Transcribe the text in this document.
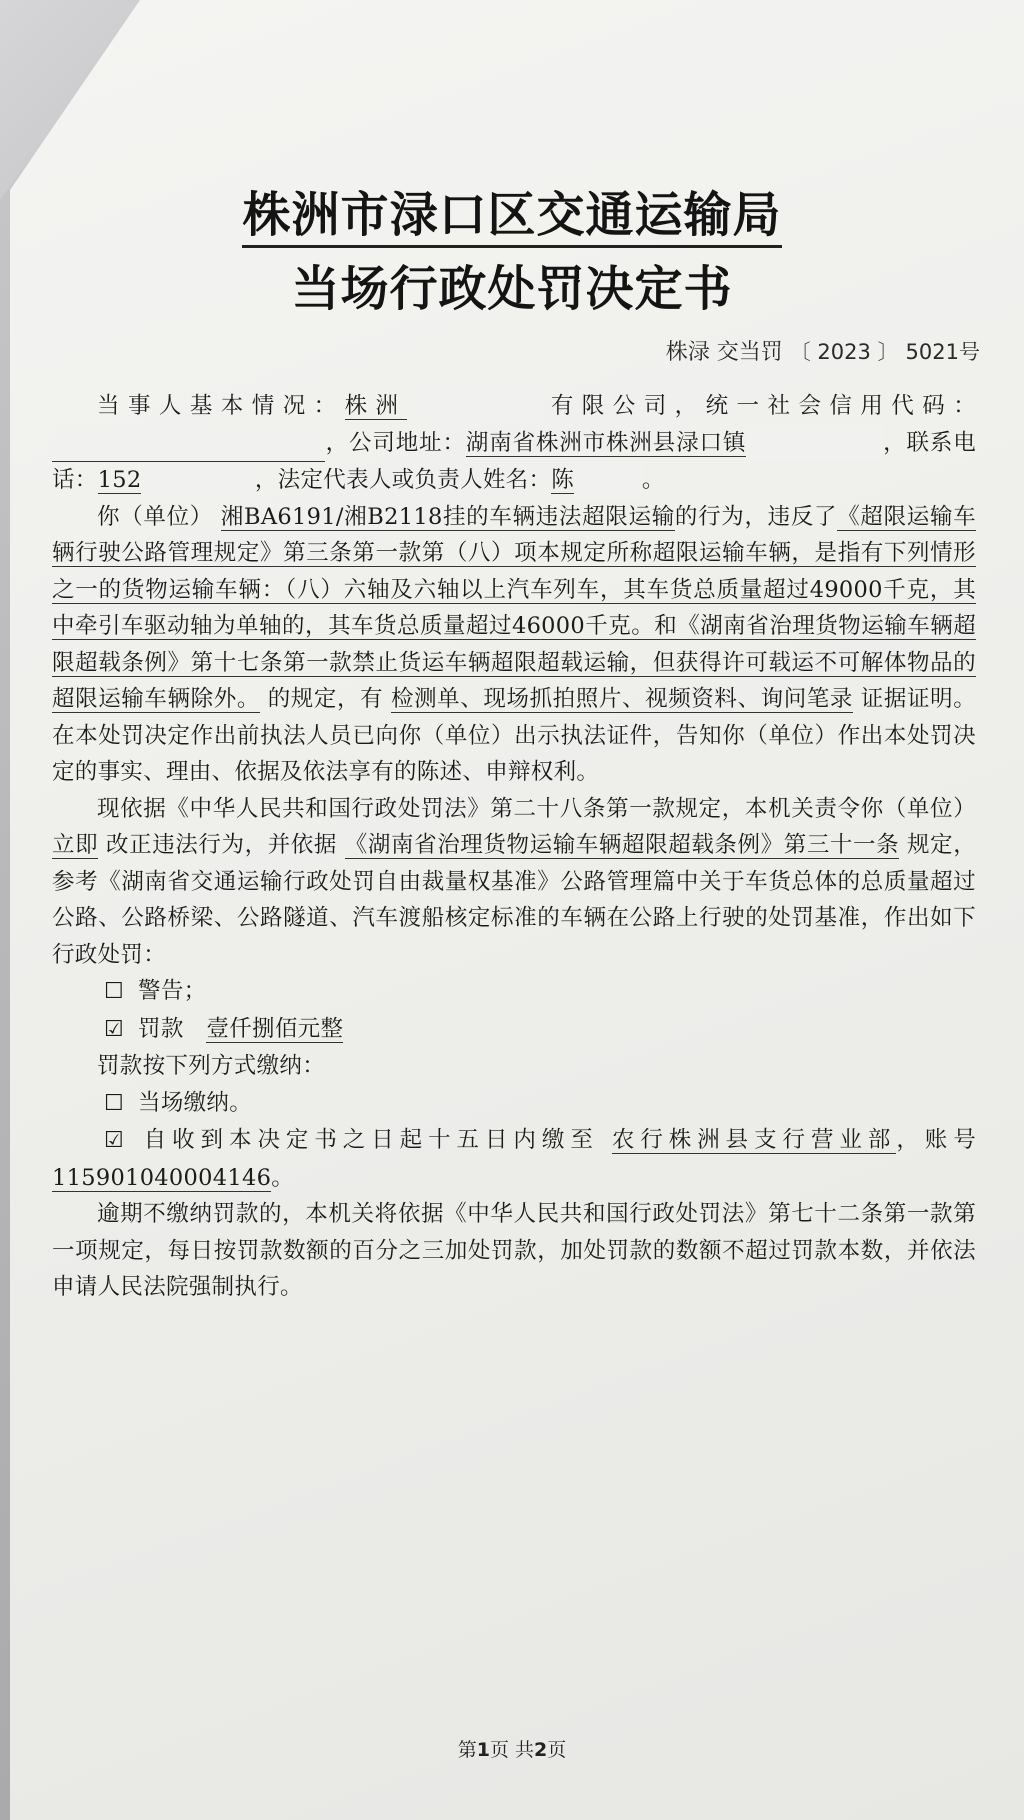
株洲市渌口区交通运输局
当场行政处罚决定书
株渌 交当罚 〔 2023 〕 5021号

当事人基本情况：株洲　　　　	有限公司，统一社会信用代码：　　　　　　　　　　，公司地址：湖南省株洲市株洲县渌口镇　　　　	，联系电话：152　　　	，法定代表人或负责人姓名：陈　	。

你（单位） 湘BA6191/湘B2118挂的车辆违法超限运输的行为，违反了《超限运输车辆行驶公路管理规定》第三条第一款第（八）项本规定所称超限运输车辆，是指有下列情形之一的货物运输车辆：（八）六轴及六轴以上汽车列车，其车货总质量超过49000千克，其中牵引车驱动轴为单轴的，其车货总质量超过46000千克。和《湖南省治理货物运输车辆超限超载条例》第十七条第一款禁止货运车辆超限超载运输，但获得许可载运不可解体物品的超限运输车辆除外。 的规定，有 检测单、现场抓拍照片、视频资料、询问笔录 证据证明。在本处罚决定作出前执法人员已向你（单位）出示执法证件，告知你（单位）作出本处罚决定的事实、理由、依据及依法享有的陈述、申辩权利。

现依据《中华人民共和国行政处罚法》第二十八条第一款规定，本机关责令你（单位） 立即 改正违法行为，并依据 《湖南省治理货物运输车辆超限超载条例》第三十一条 规定，参考《湖南省交通运输行政处罚自由裁量权基准》公路管理篇中关于车货总体的总质量超过公路、公路桥梁、公路隧道、汽车渡船核定标准的车辆在公路上行驶的处罚基准，作出如下行政处罚：

☐ 警告；

☑ 罚款　 壹仟捌佰元整

罚款按下列方式缴纳：

☐ 当场缴纳。

☑ 自收到本决定书之日起十五日内缴至 农行株洲县支行营业部，账号115901040004146。

逾期不缴纳罚款的，本机关将依据《中华人民共和国行政处罚法》第七十二条第一款第一项规定，每日按罚款数额的百分之三加处罚款，加处罚款的数额不超过罚款本数，并依法申请人民法院强制执行。

第1页 共2页
